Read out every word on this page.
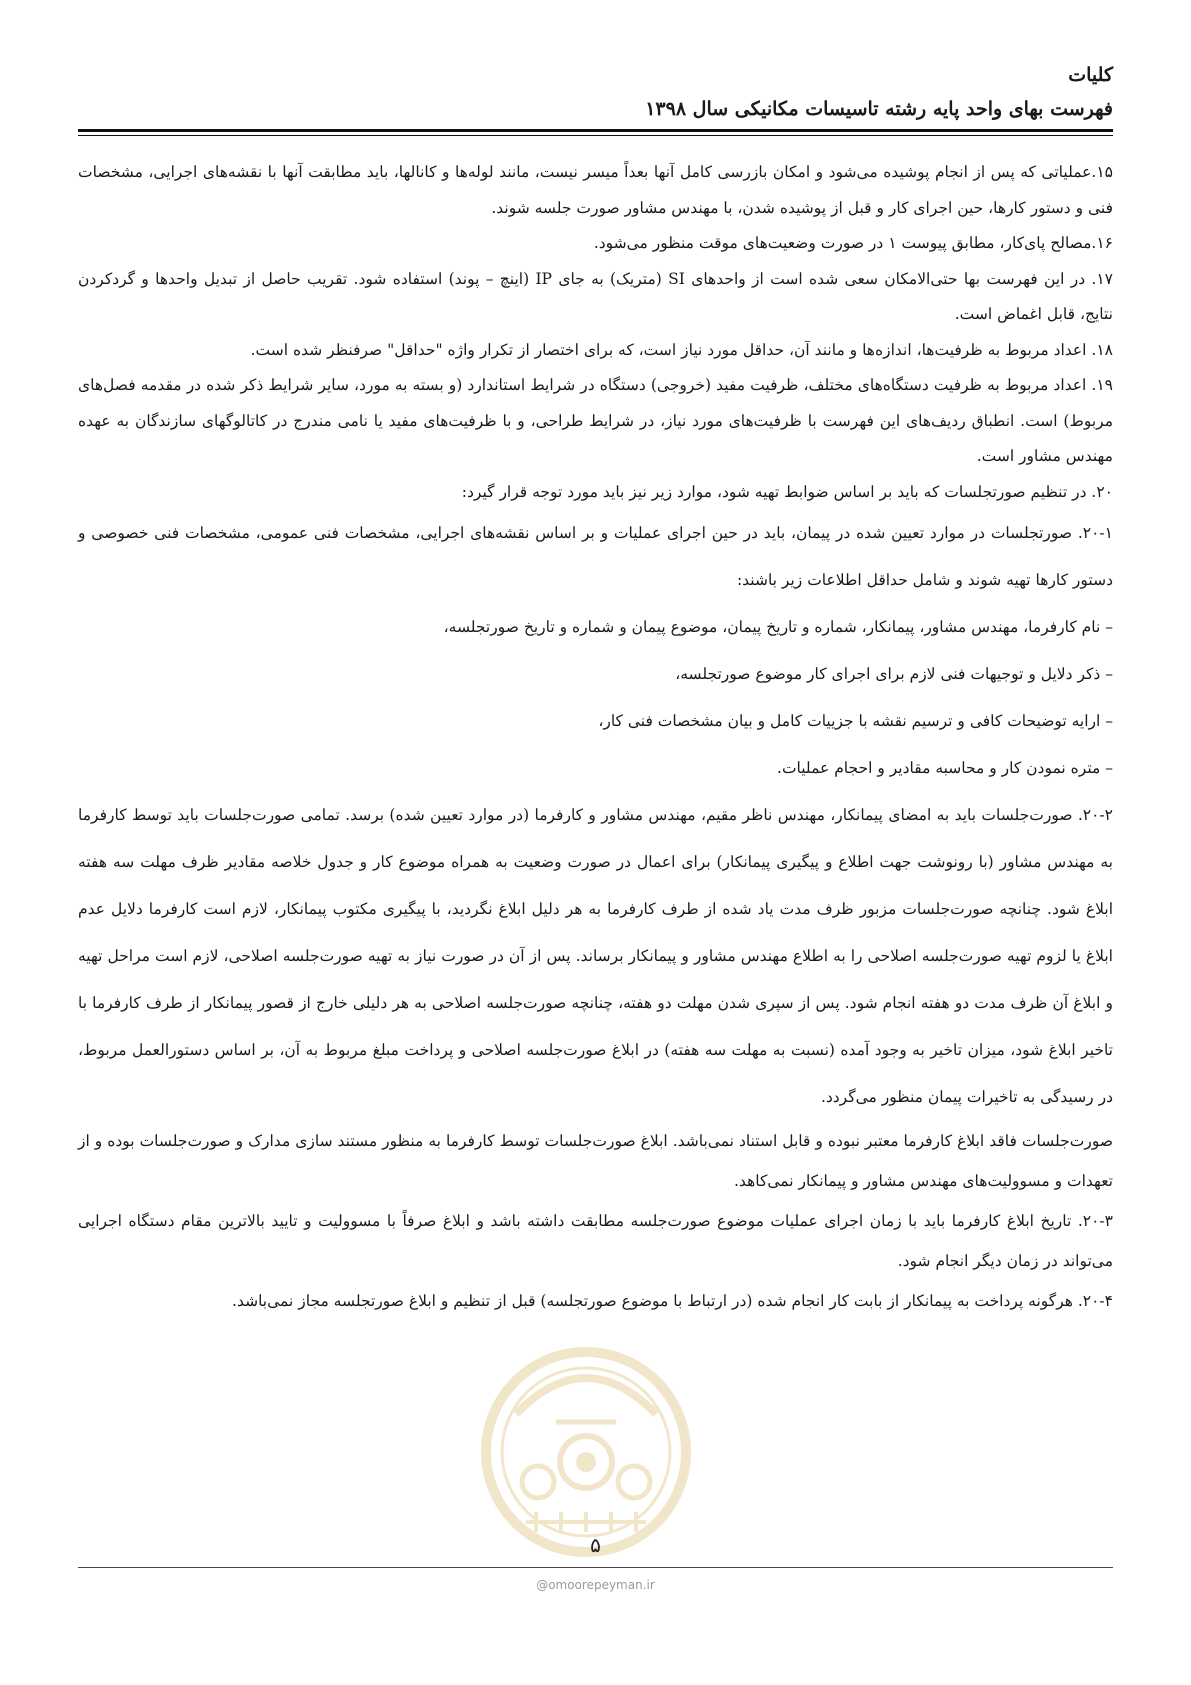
کلیات

فهرست بهای واحد پایه رشته تاسیسات مکانیکی سال ۱۳۹۸

۱۵.عملیاتی که پس از انجام پوشیده می‌شود و امکان بازرسی کامل آنها بعداً میسر نیست، مانند لوله‌ها و کانالها، باید مطابقت آنها با نقشه‌های اجرایی، مشخصات فنی و دستور کارها، حین اجرای کار و قبل از پوشیده شدن، با مهندس مشاور صورت جلسه شوند.

۱۶.مصالح پای‌کار، مطابق پیوست ۱ در صورت وضعیت‌های موقت منظور می‌شود.

۱۷. در این فهرست بها حتی‌الامکان سعی شده است از واحدهای SI (متریک) به جای IP (اینچ – پوند) استفاده شود. تقریب حاصل از تبدیل واحدها و گردکردن نتایج، قابل اغماض است.

۱۸. اعداد مربوط به ظرفیت‌ها، اندازه‌ها و مانند آن، حداقل مورد نیاز است، که برای اختصار از تکرار واژه "حداقل" صرفنظر شده است.

۱۹. اعداد مربوط به ظرفیت دستگاه‌های مختلف، ظرفیت مفید (خروجی) دستگاه در شرایط استاندارد (و بسته به مورد، سایر شرایط ذکر شده در مقدمه فصل‌های مربوط) است. انطباق ردیف‌های این فهرست با ظرفیت‌های مورد نیاز، در شرایط طراحی، و با ظرفیت‌های مفید یا نامی مندرج در کاتالوگهای سازندگان به عهده مهندس مشاور است.

۲۰. در تنظیم صورتجلسات که باید بر اساس ضوابط تهیه شود، موارد زیر نیز باید مورد توجه قرار گیرد:

۲۰-۱. صورتجلسات در موارد تعیین شده در پیمان، باید در حین اجرای عملیات و بر اساس نقشه‌های اجرایی، مشخصات فنی عمومی، مشخصات فنی خصوصی و دستور کارها تهیه شوند و شامل حداقل اطلاعات زیر باشند:

– نام کارفرما، مهندس مشاور، پیمانکار، شماره و تاریخ پیمان، موضوع پیمان و شماره و تاریخ صورتجلسه،

– ذکر دلایل و توجیهات فنی لازم برای اجرای کار موضوع صورتجلسه،

– ارایه توضیحات کافی و ترسیم نقشه با جزییات کامل و بیان مشخصات فنی کار،

– متره نمودن کار و محاسبه مقادیر و احجام عملیات.

۲۰-۲. صورت‌جلسات باید به امضای پیمانکار، مهندس ناظر مقیم، مهندس مشاور و کارفرما (در موارد تعیین شده) برسد. تمامی صورت‌جلسات باید توسط کارفرما به مهندس مشاور (با رونوشت جهت اطلاع و پیگیری پیمانکار) برای اعمال در صورت وضعیت به همراه موضوع کار و جدول خلاصه مقادیر ظرف مهلت سه هفته ابلاغ شود. چنانچه صورت‌جلسات مزبور ظرف مدت یاد شده از طرف کارفرما به هر دلیل ابلاغ نگردید، با پیگیری مکتوب پیمانکار، لازم است کارفرما دلایل عدم ابلاغ یا لزوم تهیه صورت‌جلسه اصلاحی را به اطلاع مهندس مشاور و پیمانکار برساند. پس از آن در صورت نیاز به تهیه صورت‌جلسه اصلاحی، لازم است مراحل تهیه و ابلاغ آن ظرف مدت دو هفته انجام شود. پس از سپری شدن مهلت دو هفته، چنانچه صورت‌جلسه اصلاحی به هر دلیلی خارج از قصور پیمانکار از طرف کارفرما با تاخیر ابلاغ شود، میزان تاخیر به وجود آمده (نسبت به مهلت سه هفته) در ابلاغ صورت‌جلسه اصلاحی و پرداخت مبلغ مربوط به آن، بر اساس دستورالعمل مربوط، در رسیدگی به تاخیرات پیمان منظور می‌گردد.

صورت‌جلسات فاقد ابلاغ کارفرما معتبر نبوده و قابل استناد نمی‌باشد. ابلاغ صورت‌جلسات توسط کارفرما به منظور مستند سازی مدارک و صورت‌جلسات بوده و از تعهدات و مسوولیت‌های مهندس مشاور و پیمانکار نمی‌کاهد.

۲۰-۳. تاریخ ابلاغ کارفرما باید با زمان اجرای عملیات موضوع صورت‌جلسه مطابقت داشته باشد و ابلاغ صرفاً با مسوولیت و تایید بالاترین مقام دستگاه اجرایی می‌تواند در زمان دیگر انجام شود.

۲۰-۴. هرگونه پرداخت به پیمانکار از بابت کار انجام شده (در ارتباط با موضوع صورتجلسه) قبل از تنظیم و ابلاغ صورتجلسه مجاز نمی‌باشد.

۵
@omoorepeyman.ir
